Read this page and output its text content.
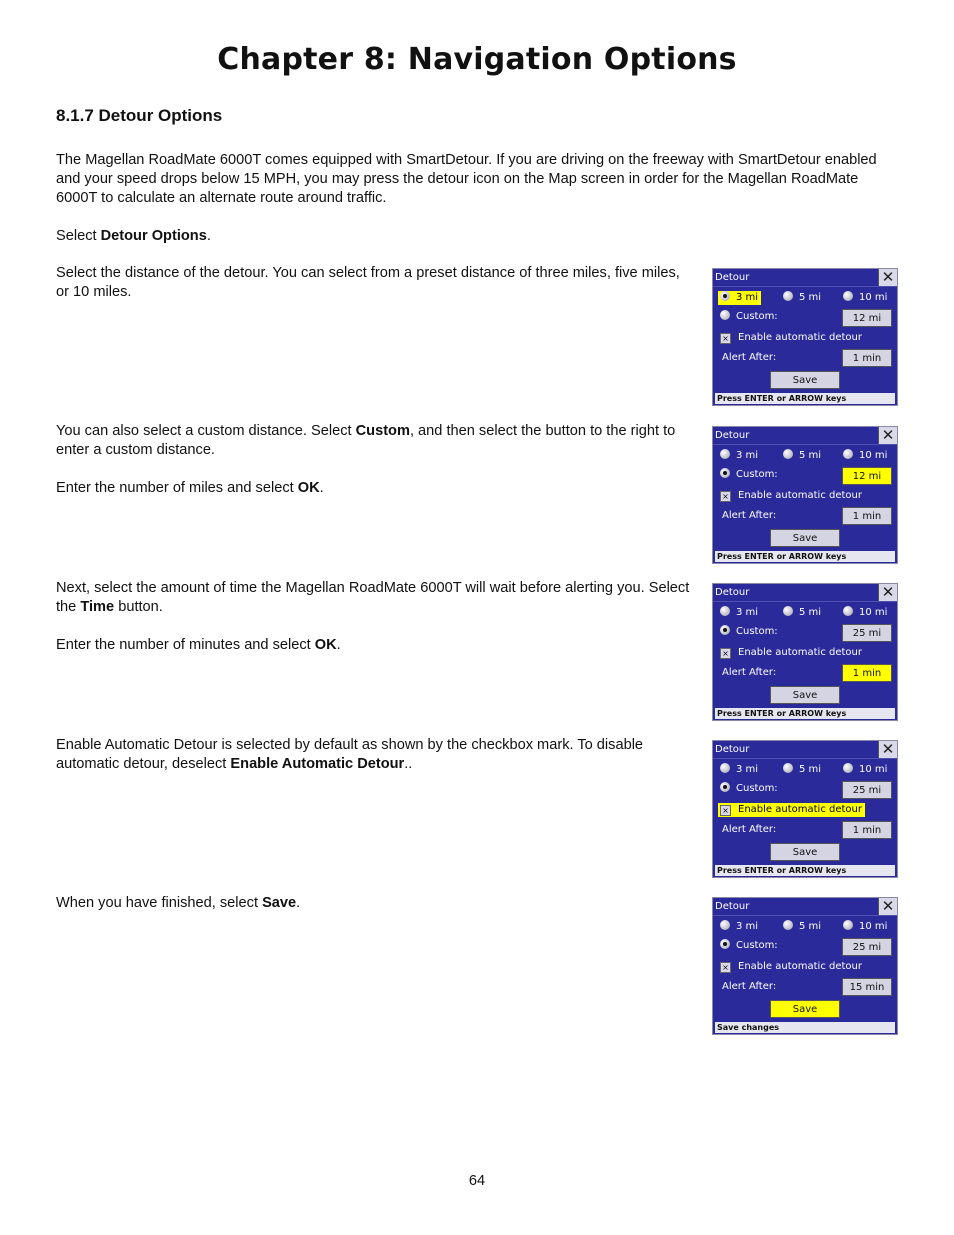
Chapter 8: Navigation Options
8.1.7 Detour Options
The Magellan RoadMate 6000T comes equipped with SmartDetour. If you are driving on the freeway with SmartDetour enabled and your speed drops below 15 MPH, you may press the detour icon on the Map screen in order for the Magellan RoadMate 6000T to calculate an alternate route around traffic.
Select Detour Options.
Select the distance of the detour. You can select from a preset distance of three miles, five miles, or 10 miles.
You can also select a custom distance. Select Custom, and then select the button to the right to enter a custom distance.
Enter the number of miles and select OK.
Next, select the amount of time the Magellan RoadMate 6000T will wait before alerting you. Select the Time button.
Enter the number of minutes and select OK.
Enable Automatic Detour is selected by default as shown by the checkbox mark. To disable automatic detour, deselect Enable Automatic Detour..
When you have finished, select Save.
Detour	✕
3 mi	5 mi	10 mi
Custom:	12 mi
× Enable automatic detour
Alert After:	1 min
Save
Press ENTER or ARROW keys
Detour	✕
3 mi	5 mi	10 mi
Custom:	12 mi
× Enable automatic detour
Alert After:	1 min
Save
Press ENTER or ARROW keys
Detour	✕
3 mi	5 mi	10 mi
Custom:	25 mi
× Enable automatic detour
Alert After:	1 min
Save
Press ENTER or ARROW keys
Detour	✕
3 mi	5 mi	10 mi
Custom:	25 mi
× Enable automatic detour
Alert After:	1 min
Save
Press ENTER or ARROW keys
Detour	✕
3 mi	5 mi	10 mi
Custom:	25 mi
× Enable automatic detour
Alert After:	15 min
Save
Save changes
64
